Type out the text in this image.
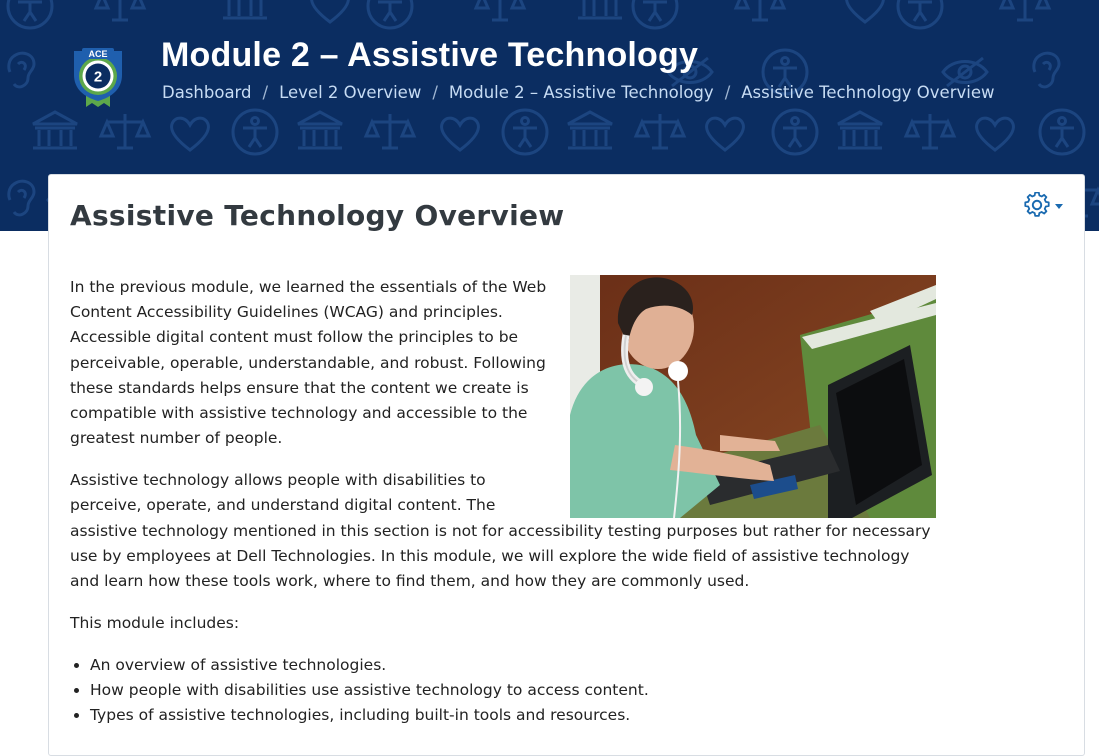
2
ACE Module 2 – Assistive Technology
Dashboard / Level 2 Overview / Module 2 – Assistive Technology / Assistive Technology Overview
Assistive Technology Overview

In the previous module, we learned the essentials of the Web Content Accessibility Guidelines (WCAG) and principles. Accessible digital content must follow the principles to be perceivable, operable, understandable, and robust. Following these standards helps ensure that the content we create is compatible with assistive technology and accessible to the greatest number of people.

Assistive technology allows people with disabilities to perceive, operate, and understand digital content. The assistive technology mentioned in this section is not for accessibility testing purposes but rather for necessary use by employees at Dell Technologies. In this module, we will explore the wide field of assistive technology and learn how these tools work, where to find them, and how they are commonly used.

This module includes:

• An overview of assistive technologies.
• How people with disabilities use assistive technology to access content.
• Types of assistive technologies, including built-in tools and resources.
